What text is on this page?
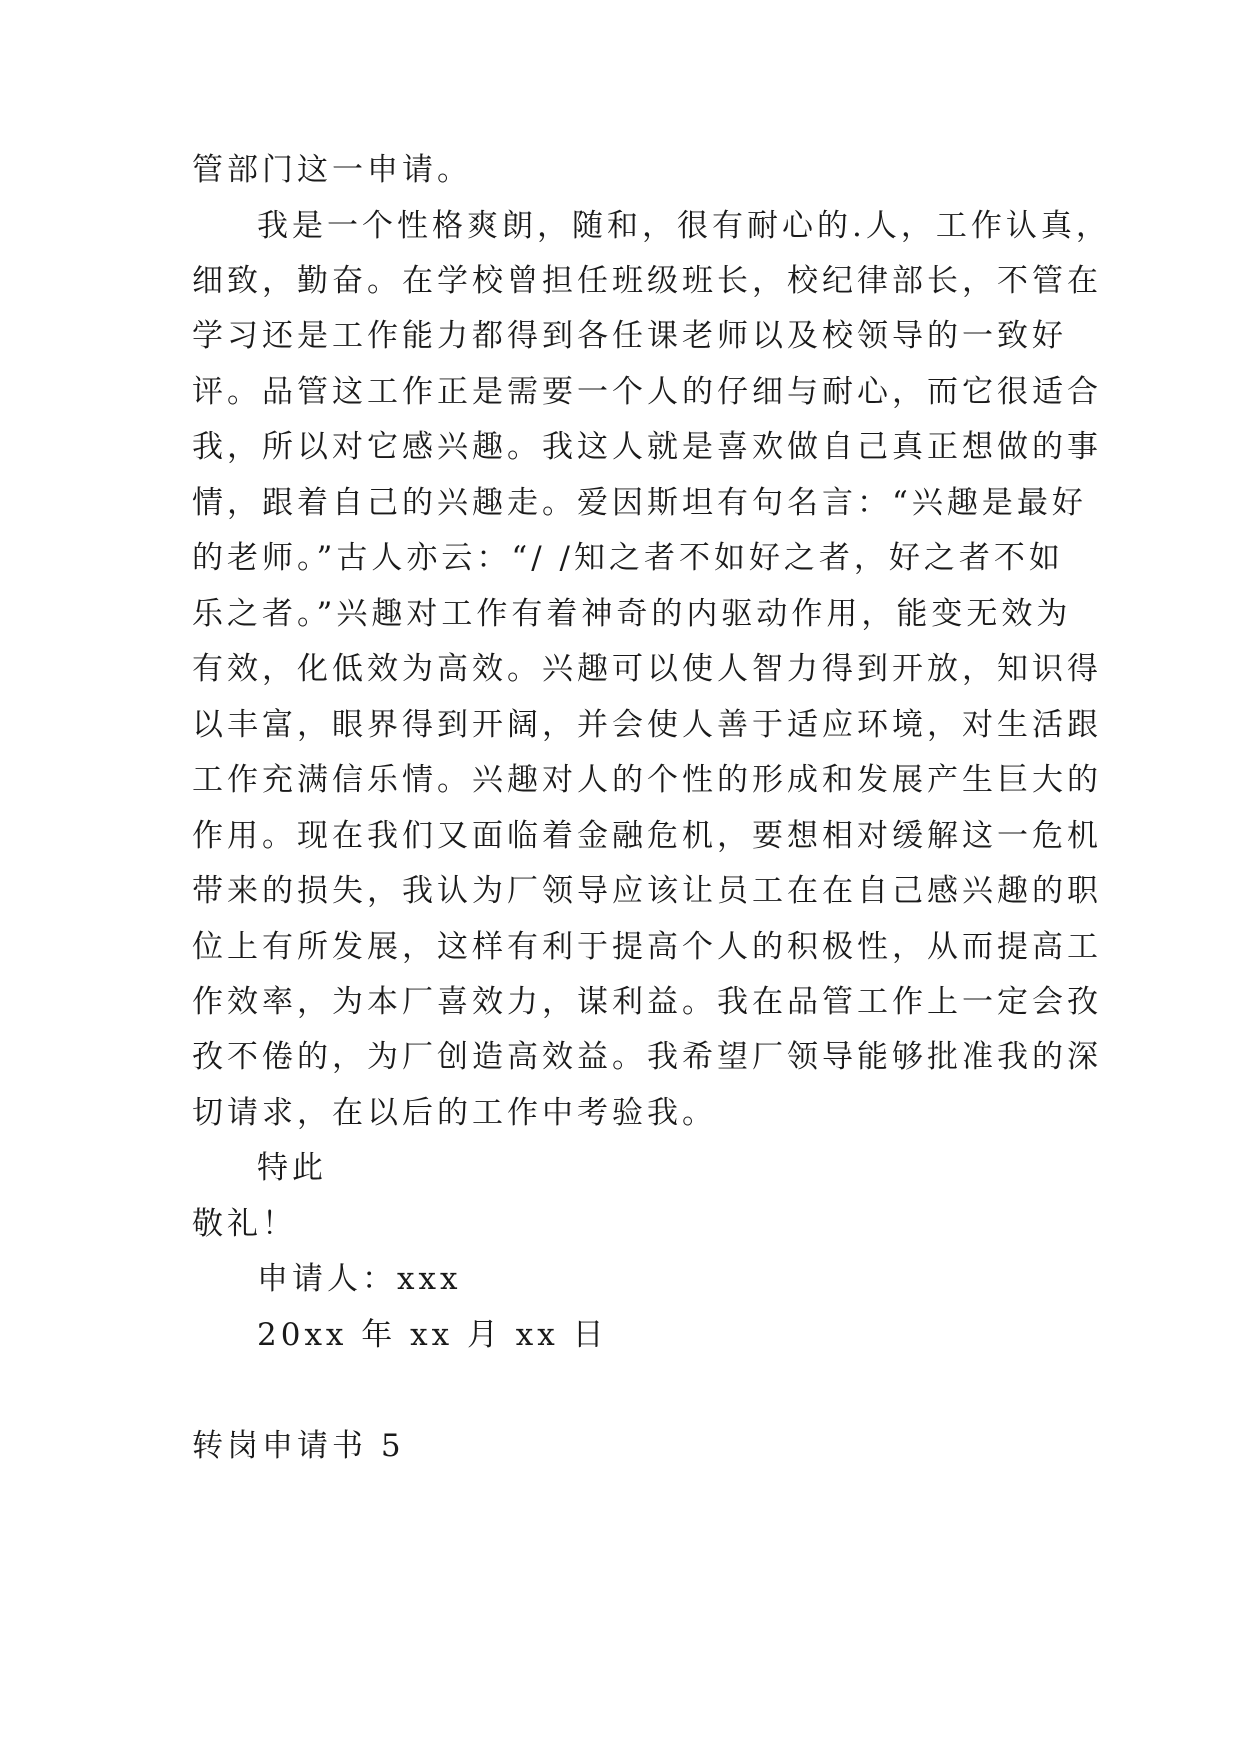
管部门这一申请。
我是一个性格爽朗，随和，很有耐心的.人，工作认真，
细致，勤奋。在学校曾担任班级班长，校纪律部长，不管在
学习还是工作能力都得到各任课老师以及校领导的一致好
评。品管这工作正是需要一个人的仔细与耐心，而它很适合
我，所以对它感兴趣。我这人就是喜欢做自己真正想做的事
情，跟着自己的兴趣走。爱因斯坦有句名言：“兴趣是最好
的老师。”古人亦云：“/ /知之者不如好之者，好之者不如
乐之者。”兴趣对工作有着神奇的内驱动作用，能变无效为
有效，化低效为高效。兴趣可以使人智力得到开放，知识得
以丰富，眼界得到开阔，并会使人善于适应环境，对生活跟
工作充满信乐情。兴趣对人的个性的形成和发展产生巨大的
作用。现在我们又面临着金融危机，要想相对缓解这一危机
带来的损失，我认为厂领导应该让员工在在自己感兴趣的职
位上有所发展，这样有利于提高个人的积极性，从而提高工
作效率，为本厂喜效力，谋利益。我在品管工作上一定会孜
孜不倦的，为厂创造高效益。我希望厂领导能够批准我的深
切请求，在以后的工作中考验我。
特此
敬礼！
申请人：xxx
20xx 年 xx 月 xx 日
转岗申请书 5
